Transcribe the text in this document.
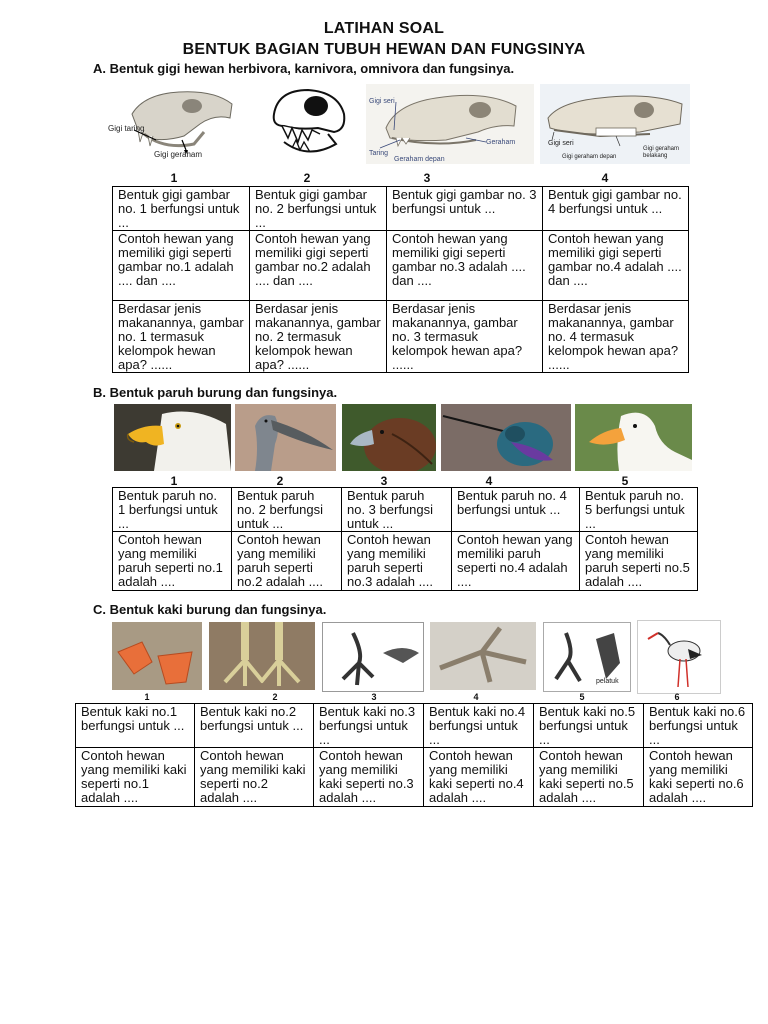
LATIHAN SOAL
BENTUK BAGIAN TUBUH HEWAN DAN FUNGSINYA
A. Bentuk gigi hewan herbivora, karnivora, omnivora dan fungsinya.
Gigi taring
Gigi geraham
Gigi seri
Taring
Geraham
Geraham depan
Gigi seri
Gigi geraham depan
Gigi geraham belakang
1	2	3	4
Bentuk gigi gambar no. 1 berfungsi untuk ...	Bentuk gigi gambar no. 2 berfungsi untuk ...	Bentuk gigi gambar no. 3 berfungsi untuk ...	Bentuk gigi gambar no. 4 berfungsi untuk ...
Contoh hewan yang memiliki gigi seperti gambar no.1 adalah .... dan ....	Contoh hewan yang memiliki gigi seperti gambar no.2 adalah .... dan ....	Contoh hewan yang memiliki gigi seperti gambar no.3 adalah .... dan ....	Contoh hewan yang memiliki gigi seperti gambar no.4 adalah .... dan ....
Berdasar jenis makanannya, gambar no. 1 termasuk kelompok hewan apa? ......	Berdasar jenis makanannya, gambar no. 2 termasuk kelompok hewan apa? ......	Berdasar jenis makanannya, gambar no. 3 termasuk kelompok hewan apa? ......	Berdasar jenis makanannya, gambar no. 4 termasuk kelompok hewan apa? ......
B. Bentuk paruh burung dan fungsinya.
1	2	3	4	5
Bentuk paruh no. 1 berfungsi untuk ...	Bentuk paruh no. 2 berfungsi untuk ...	Bentuk paruh no. 3 berfungsi untuk ...	Bentuk paruh no. 4 berfungsi untuk ...	Bentuk paruh no. 5 berfungsi untuk ...
Contoh hewan yang memiliki paruh seperti no.1 adalah ....	Contoh hewan yang memiliki paruh seperti no.2 adalah ....	Contoh hewan yang memiliki paruh seperti no.3 adalah ....	Contoh hewan yang memiliki paruh seperti no.4 adalah ....	Contoh hewan yang memiliki paruh seperti no.5 adalah ....
C. Bentuk kaki burung dan fungsinya.
pelatuk
1	2	3	4	5	6
Bentuk kaki no.1 berfungsi untuk ...	Bentuk kaki no.2 berfungsi untuk ...	Bentuk kaki no.3 berfungsi untuk ...	Bentuk kaki no.4 berfungsi untuk ...	Bentuk kaki no.5 berfungsi untuk ...	Bentuk kaki no.6 berfungsi untuk ...
Contoh hewan yang memiliki kaki seperti no.1 adalah ....	Contoh hewan yang memiliki kaki seperti no.2 adalah ....	Contoh hewan yang memiliki kaki seperti no.3 adalah ....	Contoh hewan yang memiliki kaki seperti no.4 adalah ....	Contoh hewan yang memiliki kaki seperti no.5 adalah ....	Contoh hewan yang memiliki kaki seperti no.6 adalah ....
